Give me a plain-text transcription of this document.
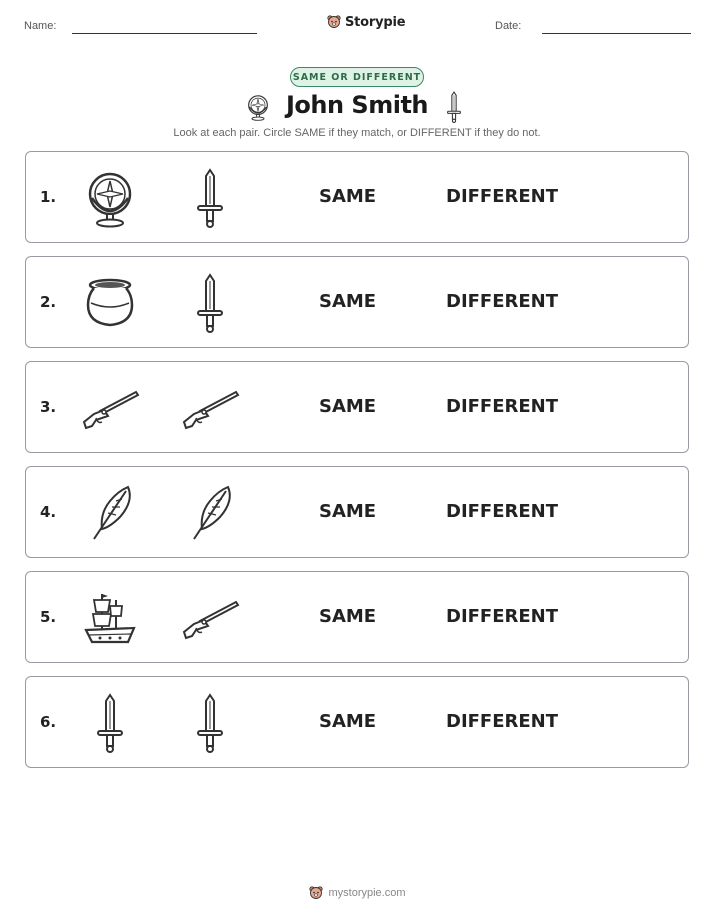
Name:	Storypie	Date:
SAME OR DIFFERENT
John Smith
Look at each pair. Circle SAME if they match, or DIFFERENT if they do not.
1.	SAME	DIFFERENT
2.	SAME	DIFFERENT
3.	SAME	DIFFERENT
4.	SAME	DIFFERENT
5.	SAME	DIFFERENT
6.	SAME	DIFFERENT
mystorypie.com
